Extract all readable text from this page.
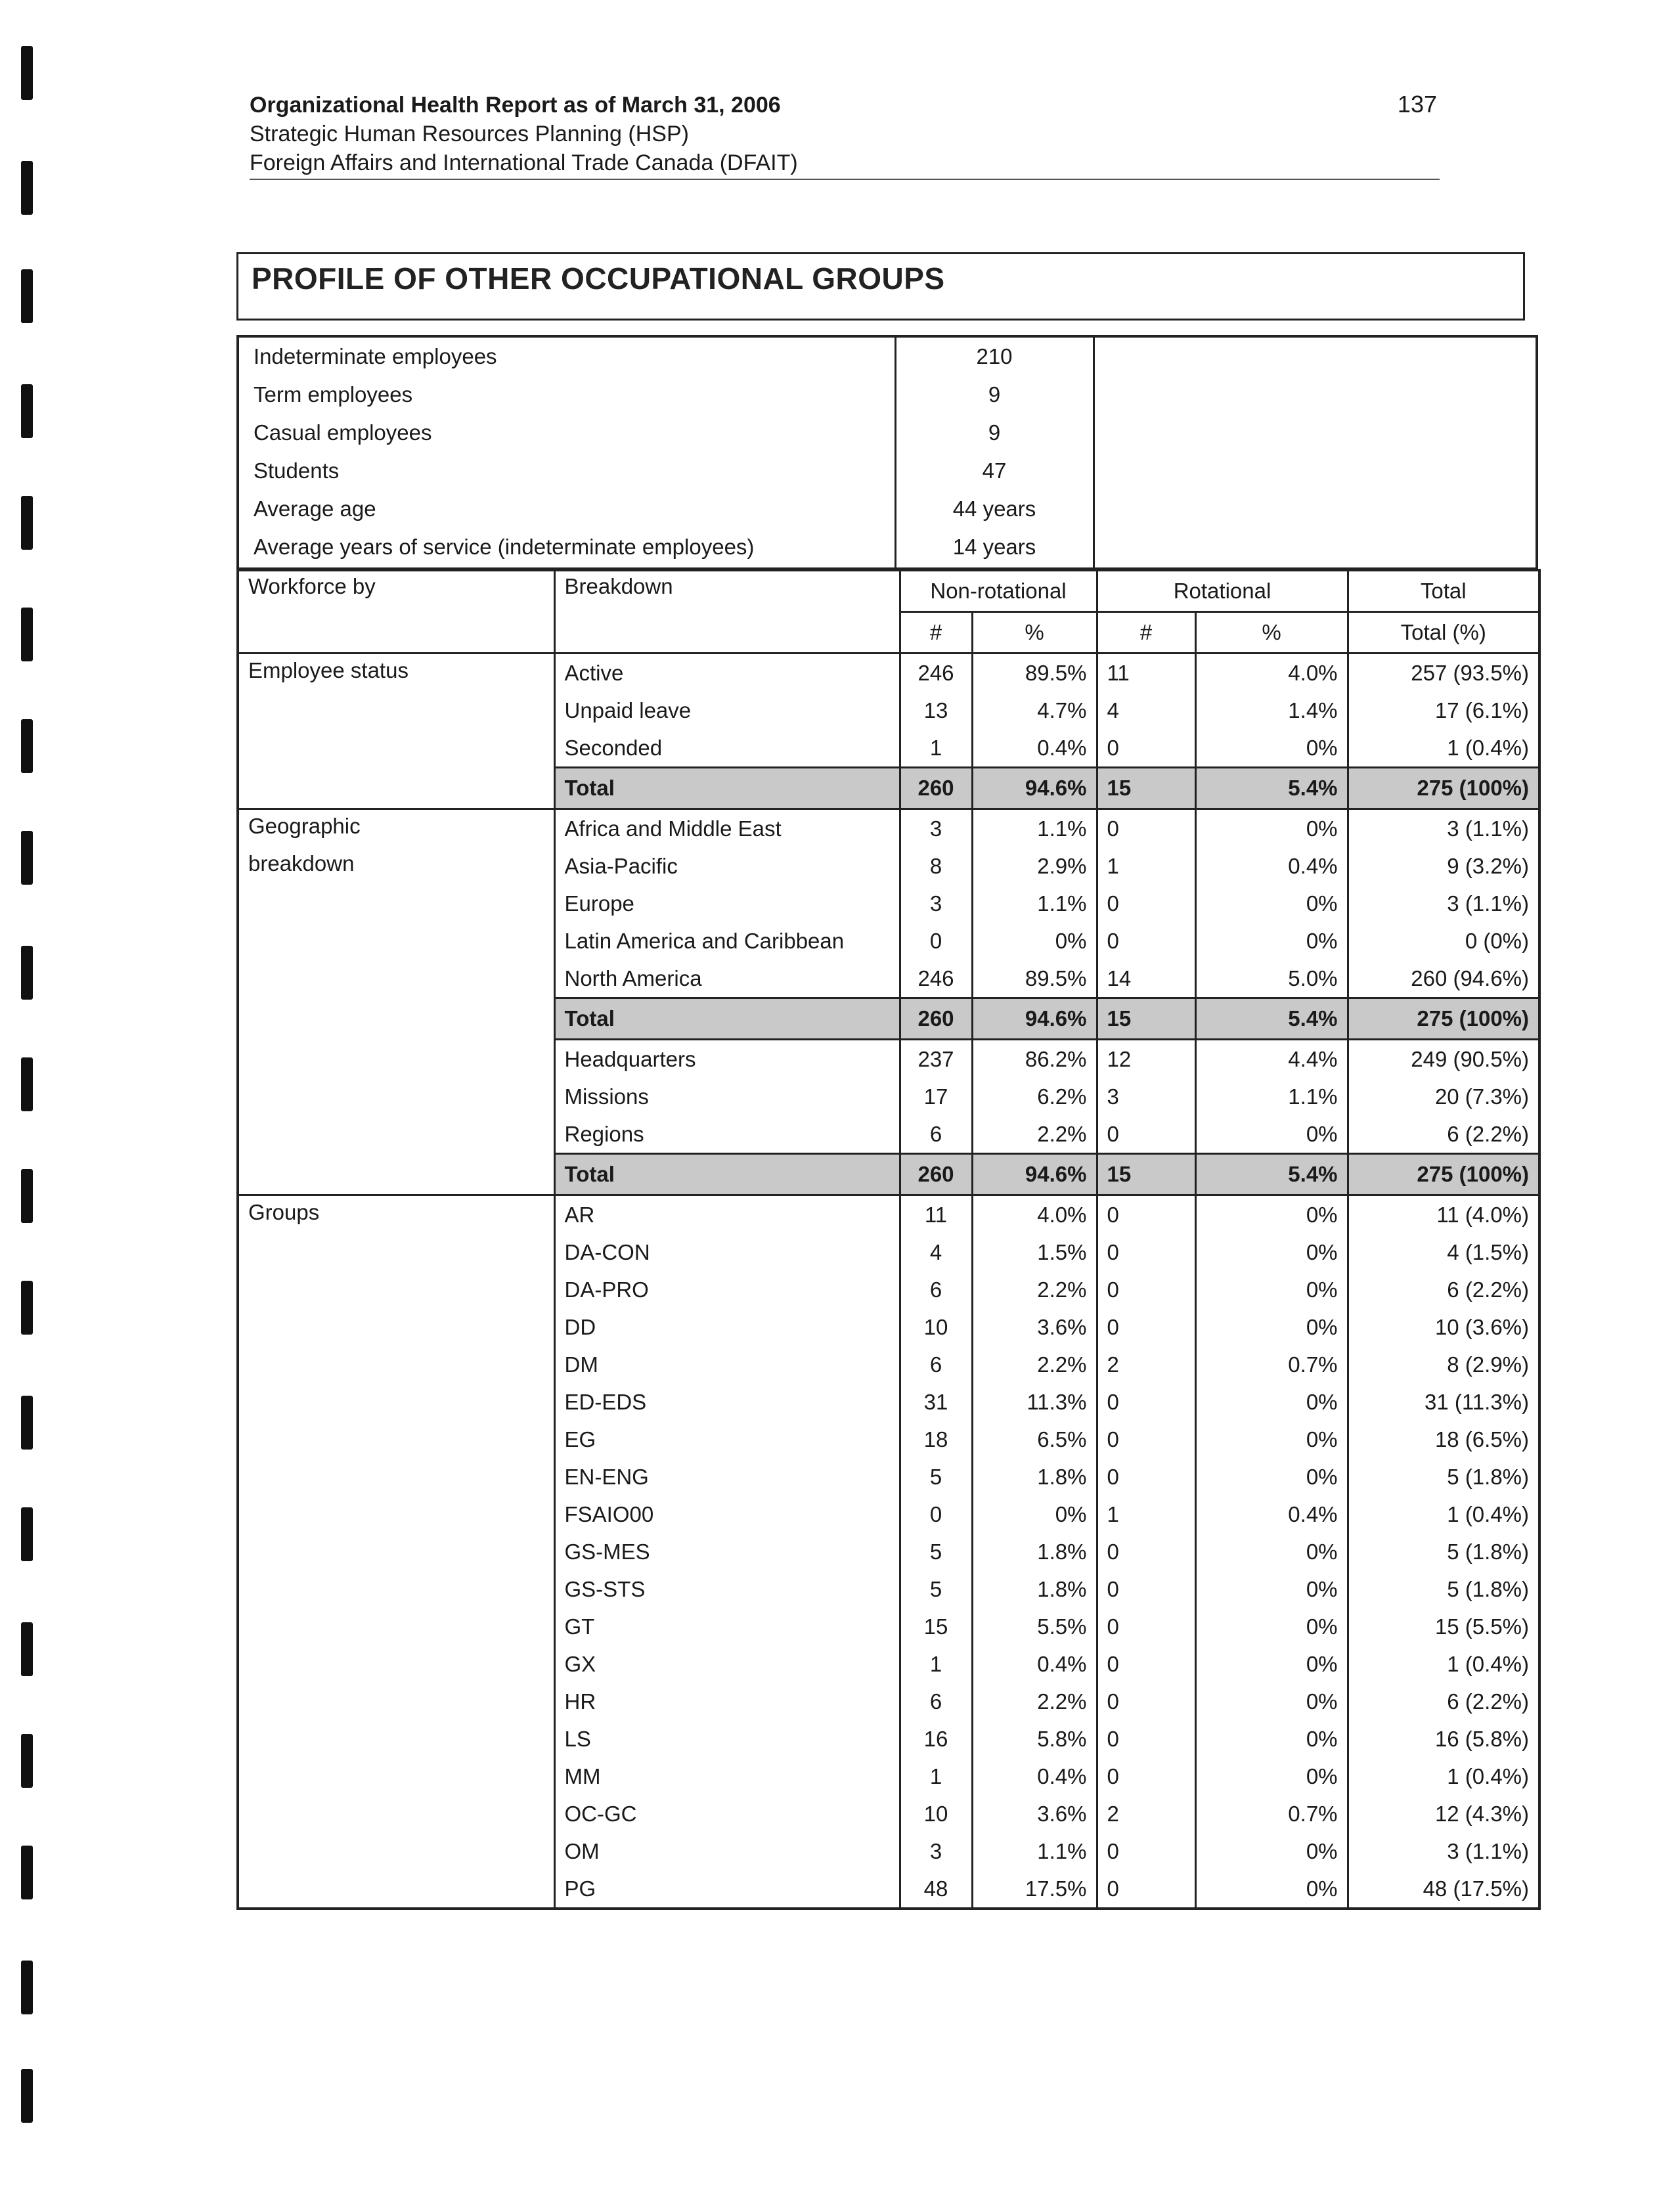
Organizational Health Report as of March 31, 2006
Strategic Human Resources Planning (HSP)
Foreign Affairs and International Trade Canada (DFAIT)
137
PROFILE OF OTHER OCCUPATIONAL GROUPS
Indeterminate employees	210
Term employees	9
Casual employees	9
Students	47
Average age	44 years
Average years of service (indeterminate employees)	14 years
Workforce by	Breakdown	Non-rotational		Rotational		Total
		#	%	#	%	Total (%)
Employee status	Active	246	89.5%	11	4.0%	257 (93.5%)
	Unpaid leave	13	4.7%	4	1.4%	17 (6.1%)
	Seconded	1	0.4%	0	0%	1 (0.4%)
	Total	260	94.6%	15	5.4%	275 (100%)

Geographic
breakdown	Africa and Middle East	3	1.1%	0	0%	3 (1.1%)
	Asia-Pacific	8	2.9%	1	0.4%	9 (3.2%)
	Europe	3	1.1%	0	0%	3 (1.1%)
	Latin America and Caribbean	0	0%	0	0%	0 (0%)
	North America	246	89.5%	14	5.0%	260 (94.6%)
	Total	260	94.6%	15	5.4%	275 (100%)
	Headquarters	237	86.2%	12	4.4%	249 (90.5%)
	Missions	17	6.2%	3	1.1%	20 (7.3%)
	Regions	6	2.2%	0	0%	6 (2.2%)
	Total	260	94.6%	15	5.4%	275 (100%)
Groups	AR	11	4.0%	0	0%	11 (4.0%)
	DA-CON	4	1.5%	0	0%	4 (1.5%)
	DA-PRO	6	2.2%	0	0%	6 (2.2%)
	DD	10	3.6%	0	0%	10 (3.6%)
	DM	6	2.2%	2	0.7%	8 (2.9%)
	ED-EDS	31	11.3%	0	0%	31 (11.3%)
	EG	18	6.5%	0	0%	18 (6.5%)
	EN-ENG	5	1.8%	0	0%	5 (1.8%)
	FSAIO00	0	0%	1	0.4%	1 (0.4%)
	GS-MES	5	1.8%	0	0%	5 (1.8%)
	GS-STS	5	1.8%	0	0%	5 (1.8%)
	GT	15	5.5%	0	0%	15 (5.5%)
	GX	1	0.4%	0	0%	1 (0.4%)
	HR	6	2.2%	0	0%	6 (2.2%)
	LS	16	5.8%	0	0%	16 (5.8%)
	MM	1	0.4%	0	0%	1 (0.4%)
	OC-GC	10	3.6%	2	0.7%	12 (4.3%)
	OM	3	1.1%	0	0%	3 (1.1%)
	PG	48	17.5%	0	0%	48 (17.5%)
